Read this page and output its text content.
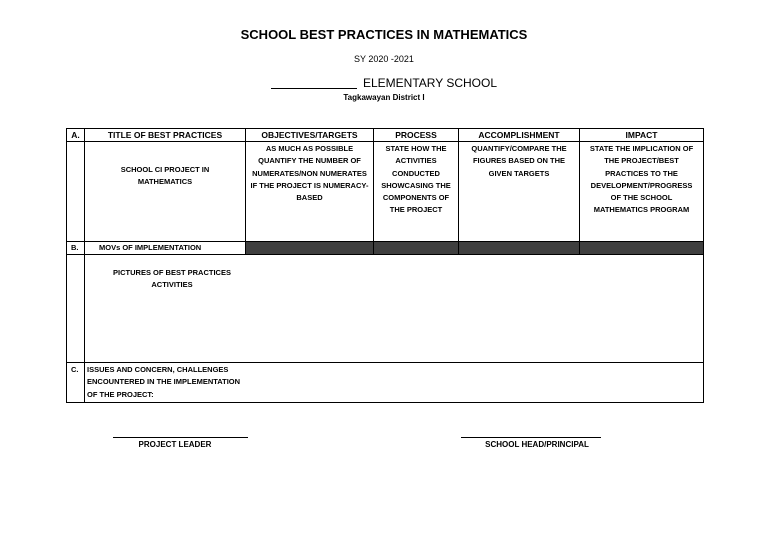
SCHOOL BEST PRACTICES IN MATHEMATICS
SY 2020 -2021
ELEMENTARY SCHOOL
Tagkawayan District I
A.	TITLE OF BEST PRACTICES	OBJECTIVES/TARGETS	PROCESS	ACCOMPLISHMENT	IMPACT
	SCHOOL CI PROJECT IN MATHEMATICS	AS MUCH AS POSSIBLE QUANTIFY THE NUMBER OF NUMERATES/NON NUMERATES IF THE PROJECT IS NUMERACY-BASED	STATE HOW THE ACTIVITIES CONDUCTED SHOWCASING THE COMPONENTS OF THE PROJECT	QUANTIFY/COMPARE THE FIGURES BASED ON THE GIVEN TARGETS	STATE THE IMPLICATION OF THE PROJECT/BEST PRACTICES TO THE DEVELOPMENT/PROGRESS OF THE SCHOOL MATHEMATICS PROGRAM
B.	MOVs OF IMPLEMENTATION				

	PICTURES OF BEST PRACTICES ACTIVITIES				

C.	ISSUES AND CONCERN, CHALLENGES ENCOUNTERED IN THE IMPLEMENTATION OF THE PROJECT:				
PROJECT LEADER	SCHOOL HEAD/PRINCIPAL
